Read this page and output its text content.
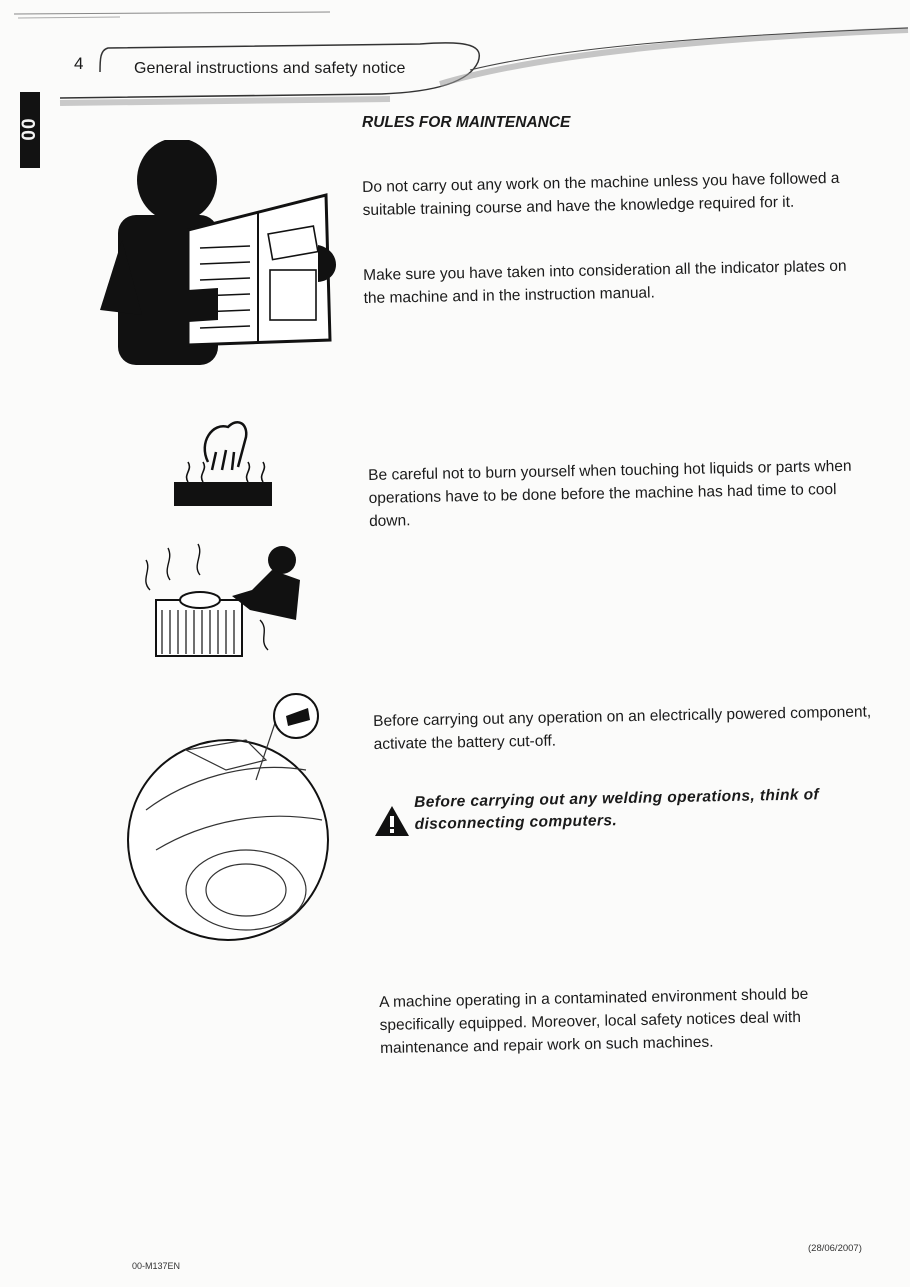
4	General instructions and safety notice
00	RULES FOR MAINTENANCE
Do not carry out any work on the machine unless you have followed a suitable training course and have the knowledge required for it.
Make sure you have taken into consideration all the indicator plates on the machine and in the instruction manual.
Be careful not to burn yourself when touching hot liquids or parts when operations have to be done before the machine has had time to cool down.
Before carrying out any operation on an electrically powered component, activate the battery cut-off.
Before carrying out any welding operations, think of disconnecting computers.
A machine operating in a contaminated environment should be specifically equipped. Moreover, local safety notices deal with maintenance and repair work on such machines.
00-M137EN
(28/06/2007)
